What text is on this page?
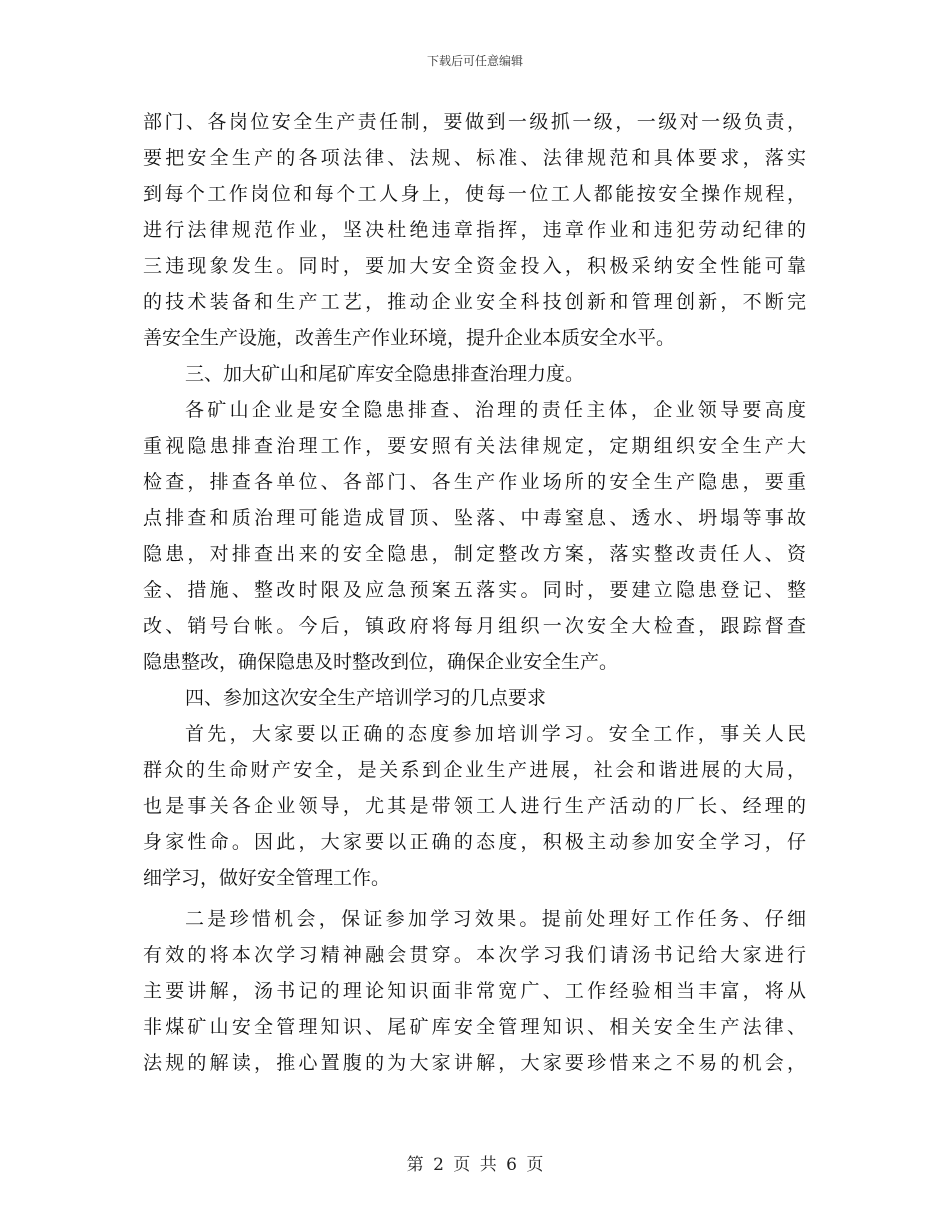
下载后可任意编辑
部门、各岗位安全生产责任制，要做到一级抓一级，一级对一级负责，
要把安全生产的各项法律、法规、标准、法律规范和具体要求，落实
到每个工作岗位和每个工人身上，使每一位工人都能按安全操作规程，
进行法律规范作业，坚决杜绝违章指挥，违章作业和违犯劳动纪律的
三违现象发生。同时，要加大安全资金投入，积极采纳安全性能可靠
的技术装备和生产工艺，推动企业安全科技创新和管理创新，不断完
善安全生产设施，改善生产作业环境，提升企业本质安全水平。
三、加大矿山和尾矿库安全隐患排查治理力度。
各矿山企业是安全隐患排查、治理的责任主体，企业领导要高度
重视隐患排查治理工作，要安照有关法律规定，定期组织安全生产大
检查，排查各单位、各部门、各生产作业场所的安全生产隐患，要重
点排查和质治理可能造成冒顶、坠落、中毒窒息、透水、坍塌等事故
隐患，对排查出来的安全隐患，制定整改方案，落实整改责任人、资
金、措施、整改时限及应急预案五落实。同时，要建立隐患登记、整
改、销号台帐。今后，镇政府将每月组织一次安全大检查，跟踪督查
隐患整改，确保隐患及时整改到位，确保企业安全生产。
四、参加这次安全生产培训学习的几点要求
首先，大家要以正确的态度参加培训学习。安全工作，事关人民
群众的生命财产安全，是关系到企业生产进展，社会和谐进展的大局，
也是事关各企业领导，尤其是带领工人进行生产活动的厂长、经理的
身家性命。因此，大家要以正确的态度，积极主动参加安全学习，仔
细学习，做好安全管理工作。
二是珍惜机会，保证参加学习效果。提前处理好工作任务、仔细
有效的将本次学习精神融会贯穿。本次学习我们请汤书记给大家进行
主要讲解，汤书记的理论知识面非常宽广、工作经验相当丰富，将从
非煤矿山安全管理知识、尾矿库安全管理知识、相关安全生产法律、
法规的解读，推心置腹的为大家讲解，大家要珍惜来之不易的机会，
第 2 页 共 6 页
